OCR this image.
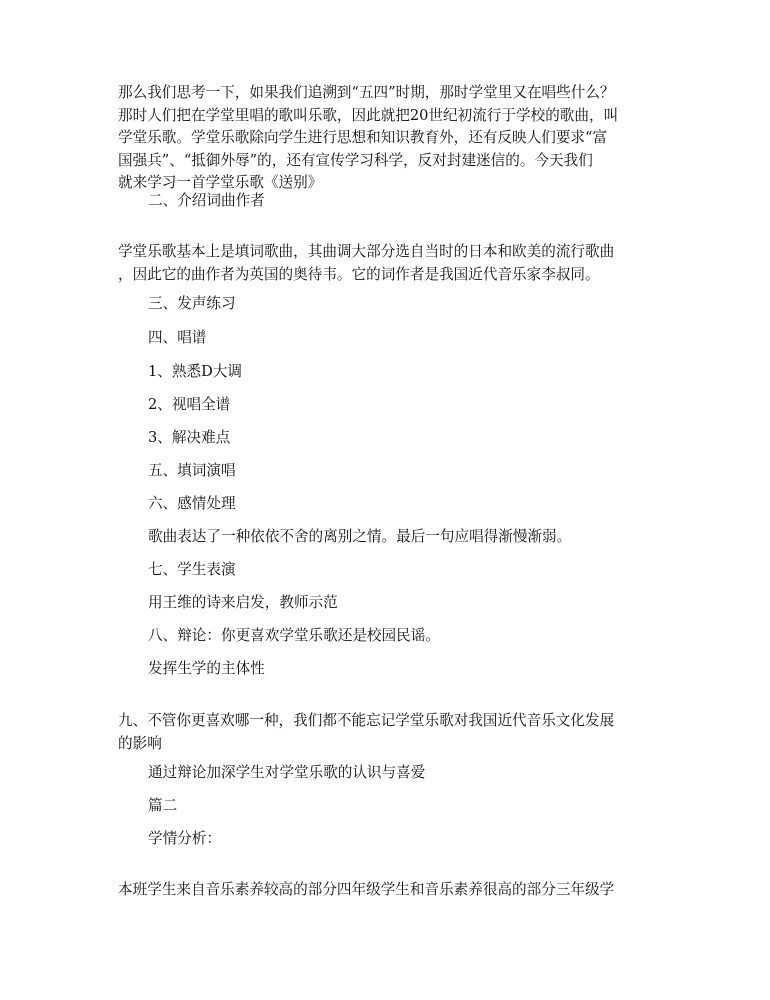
那么我们思考一下，如果我们追溯到“五四”时期，那时学堂里又在唱些什么？
那时人们把在学堂里唱的歌叫乐歌，因此就把20世纪初流行于学校的歌曲，叫
学堂乐歌。学堂乐歌除向学生进行思想和知识教育外，还有反映人们要求“富
国强兵”、“抵御外辱”的，还有宣传学习科学，反对封建迷信的。今天我们
就来学习一首学堂乐歌《送别》
二、介绍词曲作者
学堂乐歌基本上是填词歌曲，其曲调大部分选自当时的日本和欧美的流行歌曲
，因此它的曲作者为英国的奥待韦。它的词作者是我国近代音乐家李叔同。
三、发声练习
四、唱谱
1、熟悉D大调
2、视唱全谱
3、解决难点
五、填词演唱
六、感情处理
歌曲表达了一种依依不舍的离别之情。最后一句应唱得渐慢渐弱。
七、学生表演
用王维的诗来启发，教师示范
八、辩论：你更喜欢学堂乐歌还是校园民谣。
发挥生学的主体性
九、不管你更喜欢哪一种，我们都不能忘记学堂乐歌对我国近代音乐文化发展
的影响
通过辩论加深学生对学堂乐歌的认识与喜爱
篇二
学情分析：
本班学生来自音乐素养较高的部分四年级学生和音乐素养很高的部分三年级学
